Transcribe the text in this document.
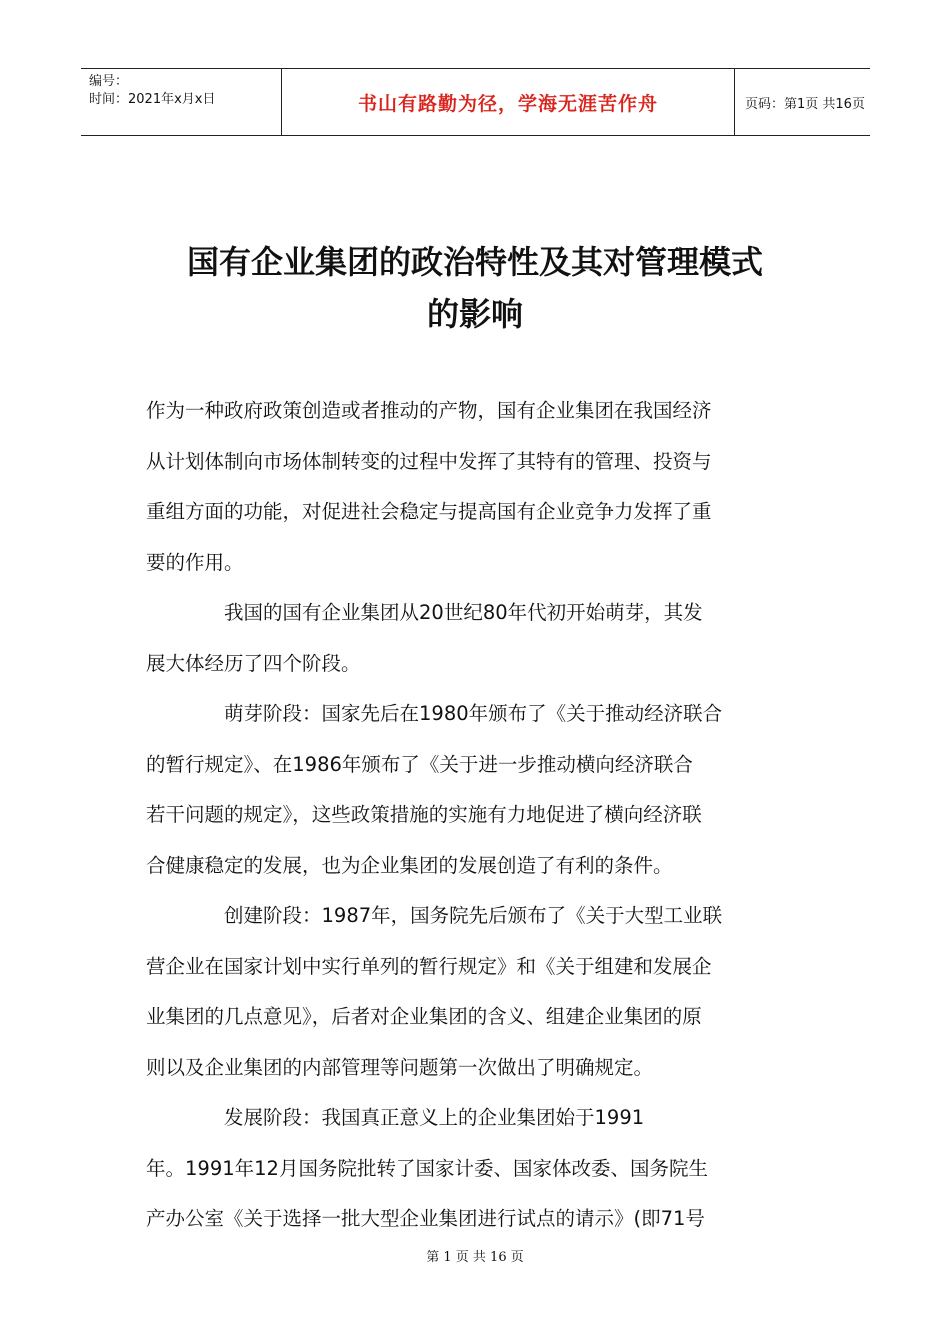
编号：
时间：2021年x月x日	书山有路勤为径，学海无涯苦作舟	页码：第1页 共16页
国有企业集团的政治特性及其对管理模式
的影响
作为一种政府政策创造或者推动的产物，国有企业集团在我国经济
从计划体制向市场体制转变的过程中发挥了其特有的管理、投资与
重组方面的功能，对促进社会稳定与提高国有企业竞争力发挥了重
要的作用。
我国的国有企业集团从20世纪80年代初开始萌芽，其发
展大体经历了四个阶段。
萌芽阶段：国家先后在1980年颁布了《关于推动经济联合
的暂行规定》、在1986年颁布了《关于进一步推动横向经济联合
若干问题的规定》，这些政策措施的实施有力地促进了横向经济联
合健康稳定的发展，也为企业集团的发展创造了有利的条件。
创建阶段：1987年，国务院先后颁布了《关于大型工业联
营企业在国家计划中实行单列的暂行规定》和《关于组建和发展企
业集团的几点意见》，后者对企业集团的含义、组建企业集团的原
则以及企业集团的内部管理等问题第一次做出了明确规定。
发展阶段：我国真正意义上的企业集团始于1991
年。1991年12月国务院批转了国家计委、国家体改委、国务院生
产办公室《关于选择一批大型企业集团进行试点的请示》(即71号
第 1 页 共 16 页
